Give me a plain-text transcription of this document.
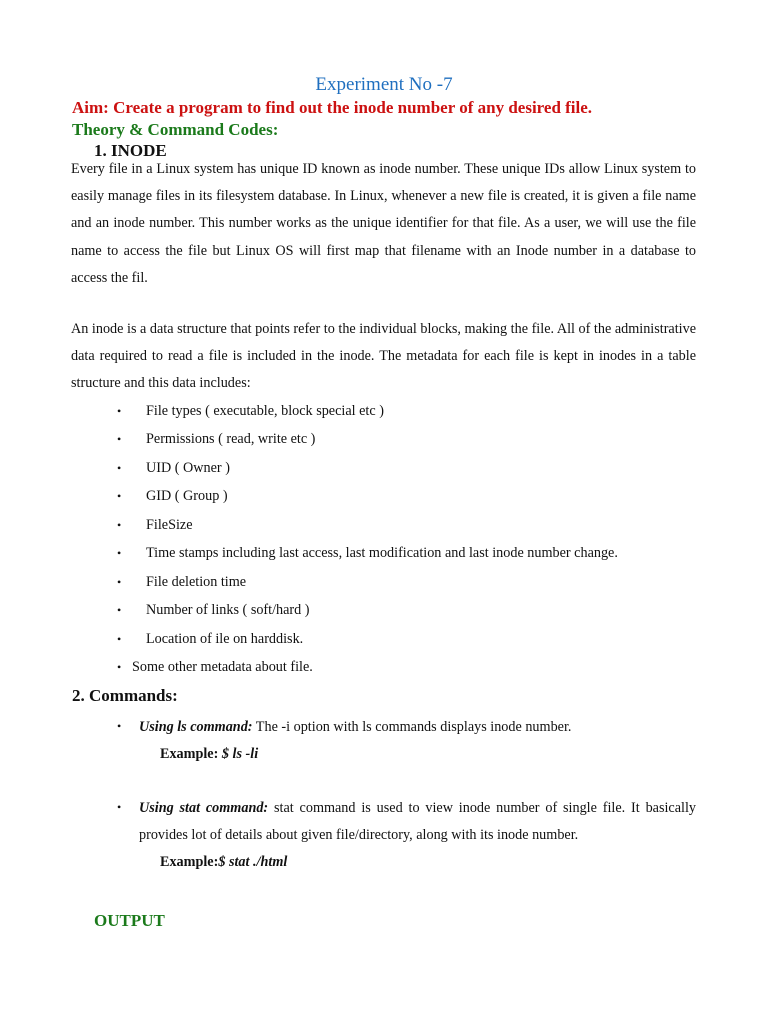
Experiment No -7
Aim: Create a program to find out the inode number of any desired file.
Theory & Command Codes:
1. INODE
Every file in a Linux system has unique ID known as inode number. These unique IDs allow Linux system to easily manage files in its filesystem database. In Linux, whenever a new file is created, it is given a file name and an inode number. This number works as the unique identifier for that file. As a user, we will use the file name to access the file but Linux OS will first map that filename with an Inode number in a database to access the fil.
An inode is a data structure that points refer to the individual blocks, making the file. All of the administrative data required to read a file is included in the inode. The metadata for each file is kept in inodes in a table structure and this data includes:
• File types ( executable, block special etc )
• Permissions ( read, write etc )
• UID ( Owner )
• GID ( Group )
• FileSize
• Time stamps including last access, last modification and last inode number change.
• File deletion time
• Number of links ( soft/hard )
• Location of ile on harddisk.
• Some other metadata about file.
2. Commands:
• Using ls command: The -i option with ls commands displays inode number.
Example: $ ls -li
• Using stat command: stat command is used to view inode number of single file. It basically provides lot of details about given file/directory, along with its inode number.
Example:$ stat ./html
OUTPUT
